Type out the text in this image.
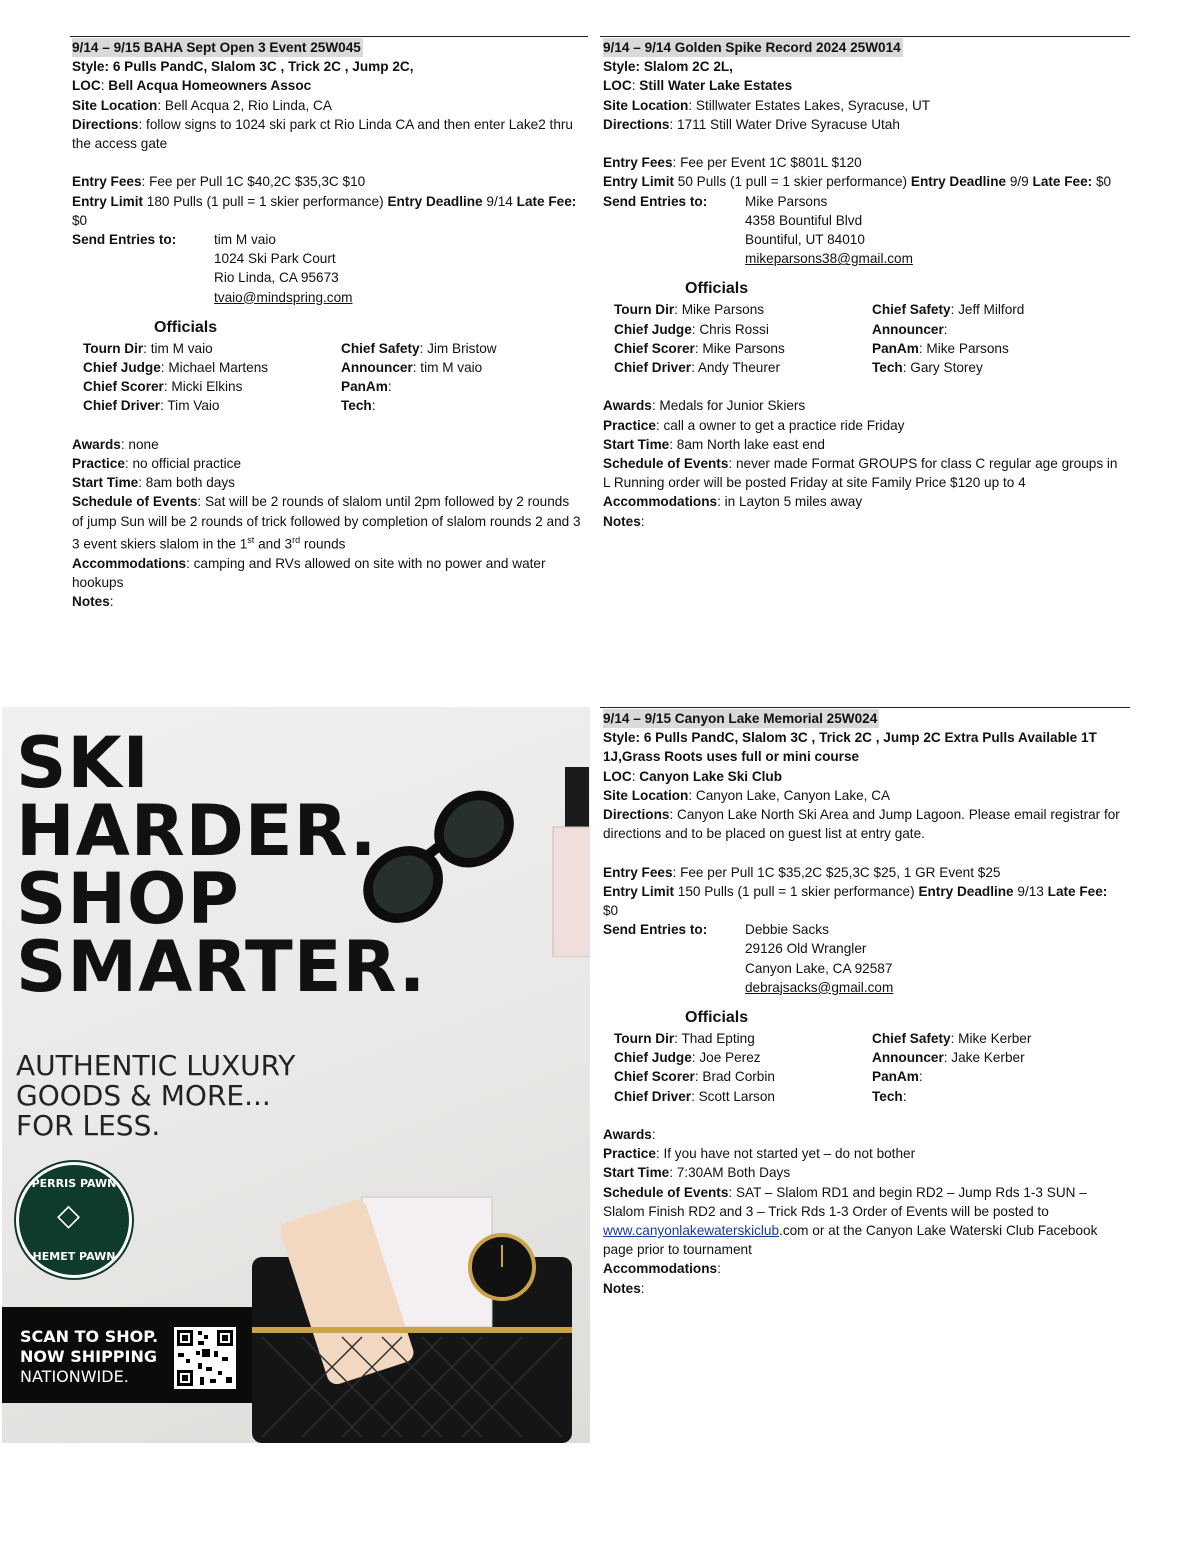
9/14 – 9/15 BAHA Sept Open 3 Event 25W045

Style: 6 Pulls PandC, Slalom 3C , Trick 2C , Jump 2C,

LOC: Bell Acqua Homeowners Assoc

Site Location: Bell Acqua 2, Rio Linda, CA

Directions: follow signs to 1024 ski park ct Rio Linda CA and then enter Lake2 thru the access gate

Entry Fees: Fee per Pull 1C $40,2C $35,3C $10

Entry Limit 180 Pulls (1 pull = 1 skier performance) Entry Deadline 9/14 Late Fee: $0

Send Entries to:	tim M vaio

1024 Ski Park Court

Rio Linda, CA 95673

tvaio@mindspring.com

Officials
Tourn Dir: tim M vaio	Chief Safety: Jim Bristow
Chief Judge: Michael Martens	Announcer: tim M vaio
Chief Scorer: Micki Elkins	PanAm:
Chief Driver: Tim Vaio	Tech:

Awards: none

Practice: no official practice

Start Time: 8am both days

Schedule of Events: Sat will be 2 rounds of slalom until 2pm followed by 2 rounds of jump Sun will be 2 rounds of trick followed by completion of slalom rounds 2 and 3 3 event skiers slalom in the 1st and 3rd rounds

Accommodations: camping and RVs allowed on site with no power and water hookups

Notes:

9/14 – 9/14 Golden Spike Record 2024 25W014

Style: Slalom 2C 2L,

LOC: Still Water Lake Estates

Site Location: Stillwater Estates Lakes, Syracuse, UT

Directions: 1711 Still Water Drive Syracuse Utah

Entry Fees: Fee per Event 1C $801L $120

Entry Limit 50 Pulls (1 pull = 1 skier performance) Entry Deadline 9/9 Late Fee: $0

Send Entries to:	Mike Parsons

4358 Bountiful Blvd

Bountiful, UT 84010

mikeparsons38@gmail.com

Officials
Tourn Dir: Mike Parsons	Chief Safety: Jeff Milford
Chief Judge: Chris Rossi	Announcer:
Chief Scorer: Mike Parsons	PanAm: Mike Parsons
Chief Driver: Andy Theurer	Tech: Gary Storey

Awards: Medals for Junior Skiers

Practice: call a owner to get a practice ride Friday

Start Time: 8am North lake east end

Schedule of Events: never made Format GROUPS for class C regular age groups in L Running order will be posted Friday at site Family Price $120 up to 4

Accommodations: in Layton 5 miles away

Notes:

9/14 – 9/15 Canyon Lake Memorial 25W024

Style: 6 Pulls PandC, Slalom 3C , Trick 2C , Jump 2C Extra Pulls Available 1T 1J,Grass Roots uses full or mini course

LOC: Canyon Lake Ski Club

Site Location: Canyon Lake, Canyon Lake, CA

Directions: Canyon Lake North Ski Area and Jump Lagoon. Please email registrar for directions and to be placed on guest list at entry gate.

Entry Fees: Fee per Pull 1C $35,2C $25,3C $25, 1 GR Event $25

Entry Limit 150 Pulls (1 pull = 1 skier performance) Entry Deadline 9/13 Late Fee: $0

Send Entries to:	Debbie Sacks

29126 Old Wrangler

Canyon Lake, CA 92587

debrajsacks@gmail.com

Officials
Tourn Dir: Thad Epting	Chief Safety: Mike Kerber
Chief Judge: Joe Perez	Announcer: Jake Kerber
Chief Scorer: Brad Corbin	PanAm:
Chief Driver: Scott Larson	Tech:

Awards:

Practice: If you have not started yet – do not bother

Start Time: 7:30AM Both Days

Schedule of Events: SAT – Slalom RD1 and begin RD2 – Jump Rds 1-3 SUN – Slalom Finish RD2 and 3 – Trick Rds 1-3 Order of Events will be posted to www.canyonlakewaterskiclub.com or at the Canyon Lake Waterski Club Facebook page prior to tournament

Accommodations:

Notes:

SKI
HARDER.
SHOP
SMARTER.
AUTHENTIC LUXURY
GOODS & MORE...
FOR LESS.
PERRIS PAWN
◇
HEMET PAWN
SCAN TO SHOP.
NOW SHIPPING
NATIONWIDE.
